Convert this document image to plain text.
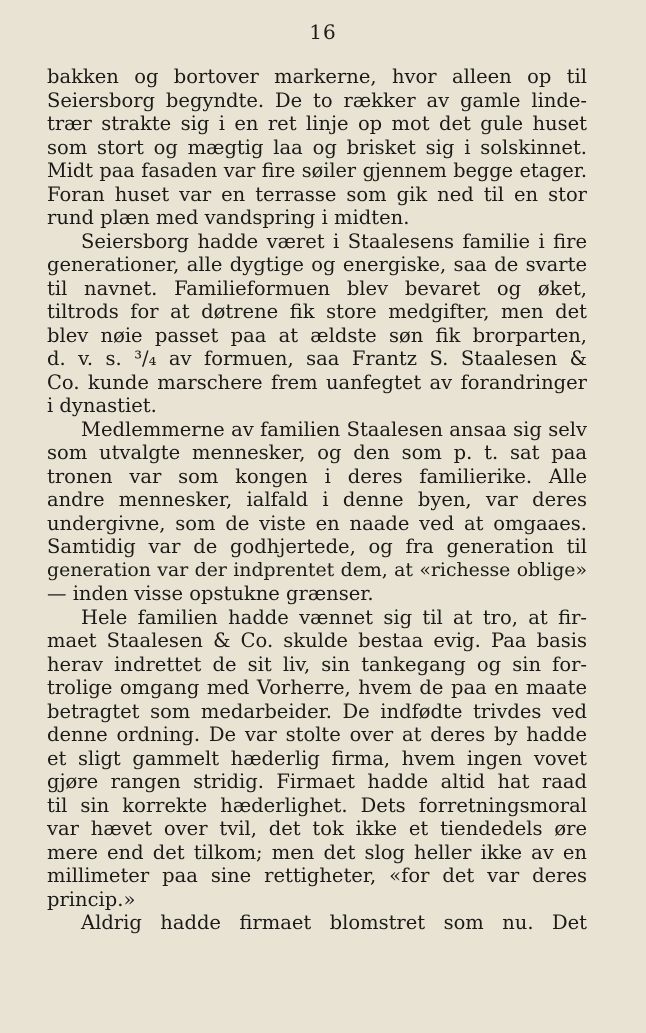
16
bakken og bortover markerne, hvor alleen op til
Seiersborg begyndte. De to rækker av gamle linde-
trær strakte sig i en ret linje op mot det gule huset
som stort og mægtig laa og brisket sig i solskinnet.
Midt paa fasaden var fire søiler gjennem begge etager.
Foran huset var en terrasse som gik ned til en stor
rund plæn med vandspring i midten.
Seiersborg hadde været i Staalesens familie i fire
generationer, alle dygtige og energiske, saa de svarte
til navnet. Familieformuen blev bevaret og øket,
tiltrods for at døtrene fik store medgifter, men det
blev nøie passet paa at ældste søn fik brorparten,
d. v. s. ³/₄ av formuen, saa Frantz S. Staalesen &
Co. kunde marschere frem uanfegtet av forandringer
i dynastiet.
Medlemmerne av familien Staalesen ansaa sig selv
som utvalgte mennesker, og den som p. t. sat paa
tronen var som kongen i deres familierike. Alle
andre mennesker, ialfald i denne byen, var deres
undergivne, som de viste en naade ved at omgaaes.
Samtidig var de godhjertede, og fra generation til
generation var der indprentet dem, at «richesse oblige»
— inden visse opstukne grænser.
Hele familien hadde vænnet sig til at tro, at fir-
maet Staalesen & Co. skulde bestaa evig. Paa basis
herav indrettet de sit liv, sin tankegang og sin for-
trolige omgang med Vorherre, hvem de paa en maate
betragtet som medarbeider. De indfødte trivdes ved
denne ordning. De var stolte over at deres by hadde
et sligt gammelt hæderlig firma, hvem ingen vovet
gjøre rangen stridig. Firmaet hadde altid hat raad
til sin korrekte hæderlighet. Dets forretningsmoral
var hævet over tvil, det tok ikke et tiendedels øre
mere end det tilkom; men det slog heller ikke av en
millimeter paa sine rettigheter, «for det var deres
princip.»
Aldrig hadde firmaet blomstret som nu. Det
